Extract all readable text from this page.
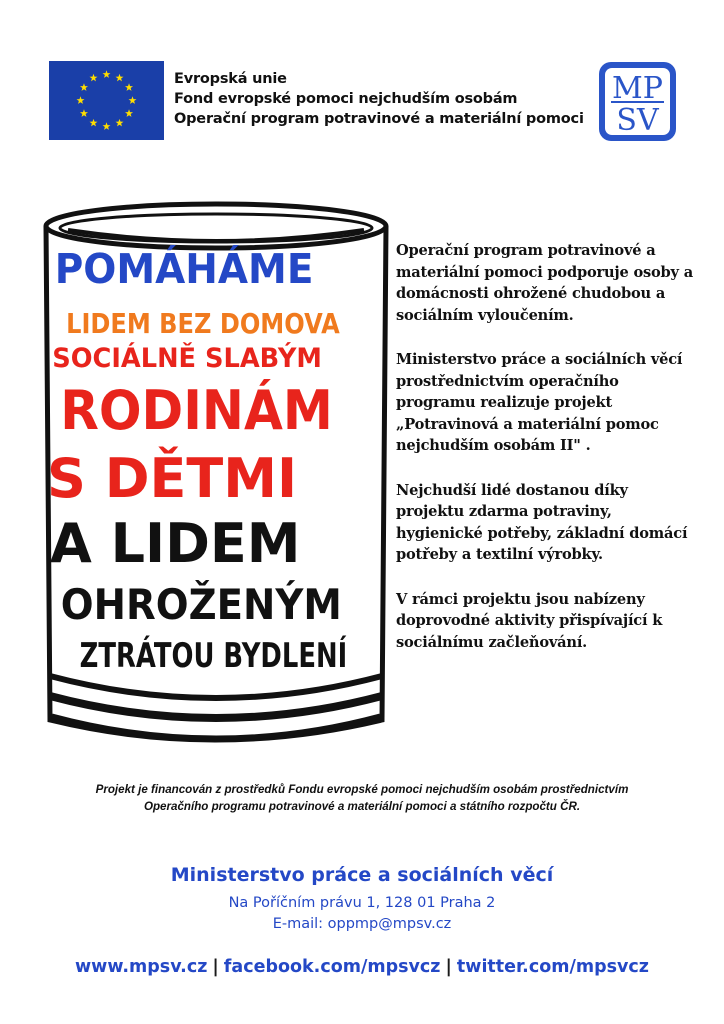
Evropská unie
Fond evropské pomoci nejchudším osobám
Operační program potravinové a materiální pomoci
MP
SV
POMÁHÁME
LIDEM BEZ DOMOVA
SOCIÁLNĚ SLABÝM
RODINÁM
S DĚTMI
A LIDEM
OHROŽENÝM
ZTRÁTOU BYDLENÍ

Operační program potravinové a materiální pomoci podporuje osoby a domácnosti ohrožené chudobou a sociálním vyloučením.

Ministerstvo práce a sociálních věcí prostřednictvím operačního programu realizuje projekt „Potravinová a materiální pomoc nejchudším osobám II" .

Nejchudší lidé dostanou díky projektu zdarma potraviny, hygienické potřeby, základní domácí potřeby a textilní výrobky.

V rámci projektu jsou nabízeny doprovodné aktivity přispívající k sociálnímu začleňování.

Projekt je financován z prostředků Fondu evropské pomoci nejchudším osobám prostřednictvím
Operačního programu potravinové a materiální pomoci a státního rozpočtu ČR.
Ministerstvo práce a sociálních věcí
Na Poříčním právu 1, 128 01 Praha 2
E-mail: oppmp@mpsv.cz
www.mpsv.cz | facebook.com/mpsvcz | twitter.com/mpsvcz
